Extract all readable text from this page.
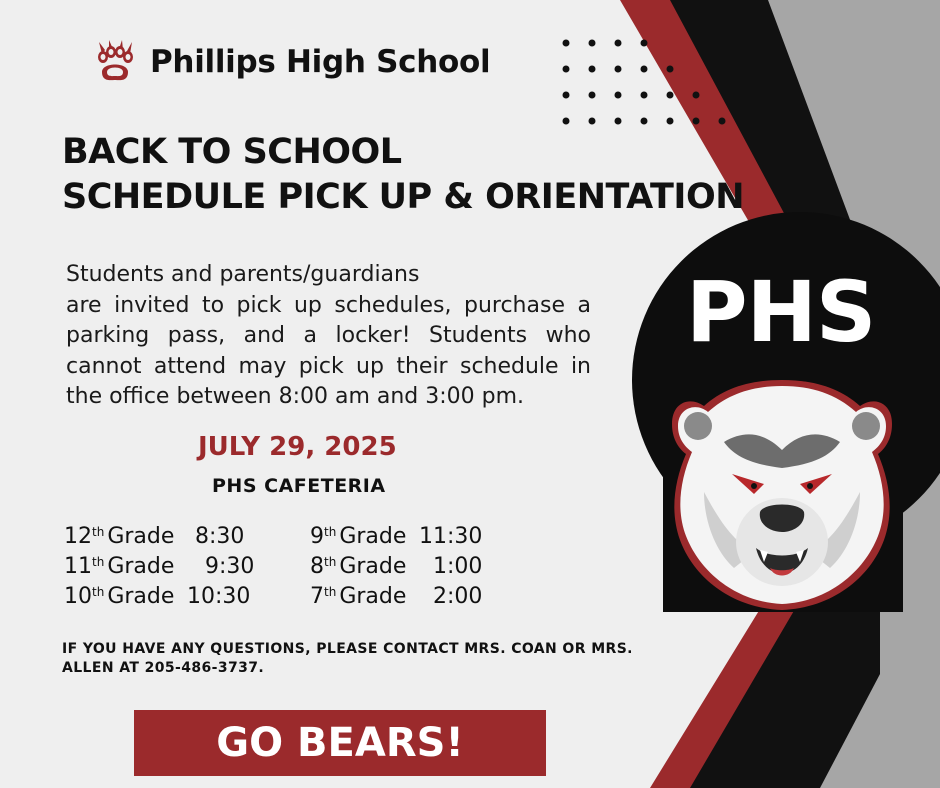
Phillips High School
BACK TO SCHOOL
SCHEDULE PICK UP & ORIENTATION
Students and parents/guardians
are invited to pick up schedules, purchase a parking pass, and a locker! Students who cannot attend may pick up their schedule in the office between 8:00 am and 3:00 pm.
JULY 29, 2025
PHS CAFETERIA
12th Grade 8:30
11th Grade 9:30
10th Grade 10:30
9th Grade 11:30
8th Grade 1:00
7th Grade 2:00
IF YOU HAVE ANY QUESTIONS, PLEASE CONTACT MRS. COAN OR MRS. ALLEN AT 205-486-3737.
GO BEARS!
PHS
